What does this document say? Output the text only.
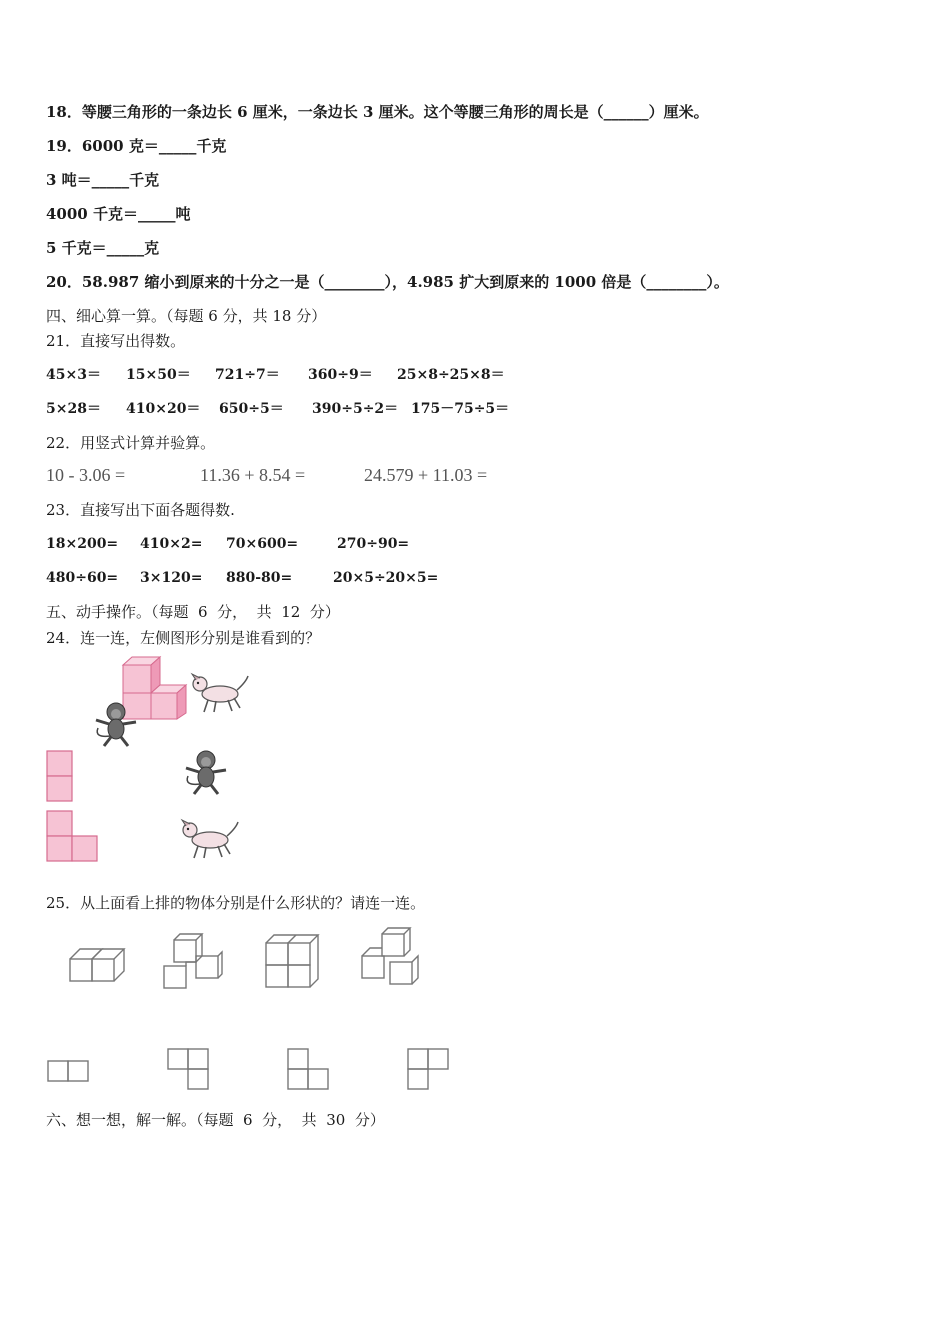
18．等腰三角形的一条边长 6 厘米，一条边长 3 厘米。这个等腰三角形的周长是（______）厘米。
19．6000 克＝_____千克
3 吨＝_____千克
4000 千克＝_____吨
5 千克＝_____克
20．58.987 缩小到原来的十分之一是（________），4.985 扩大到原来的 1000 倍是（________）。
四、细心算一算。（每题 6 分，共 18 分）
21．直接写出得数。
45×3＝ 15×50＝ 721÷7＝ 360÷9＝ 25×8÷25×8＝
5×28＝ 410×20＝ 650÷5＝ 390÷5÷2＝ 175－75÷5＝
22．用竖式计算并验算。
10 - 3.06 =	11.36 + 8.54 =	24.579 + 11.03 =
23．直接写出下面各题得数.
18×200= 410×2= 70×600=	270÷90=
480÷60= 3×120= 880-80=	20×5÷20×5=
五、动手操作。（每题  6  分，  共  12  分）
24．连一连，左侧图形分别是谁看到的？
25．从上面看上排的物体分别是什么形状的？请连一连。
六、想一想，解一解。（每题  6  分，  共  30  分）
